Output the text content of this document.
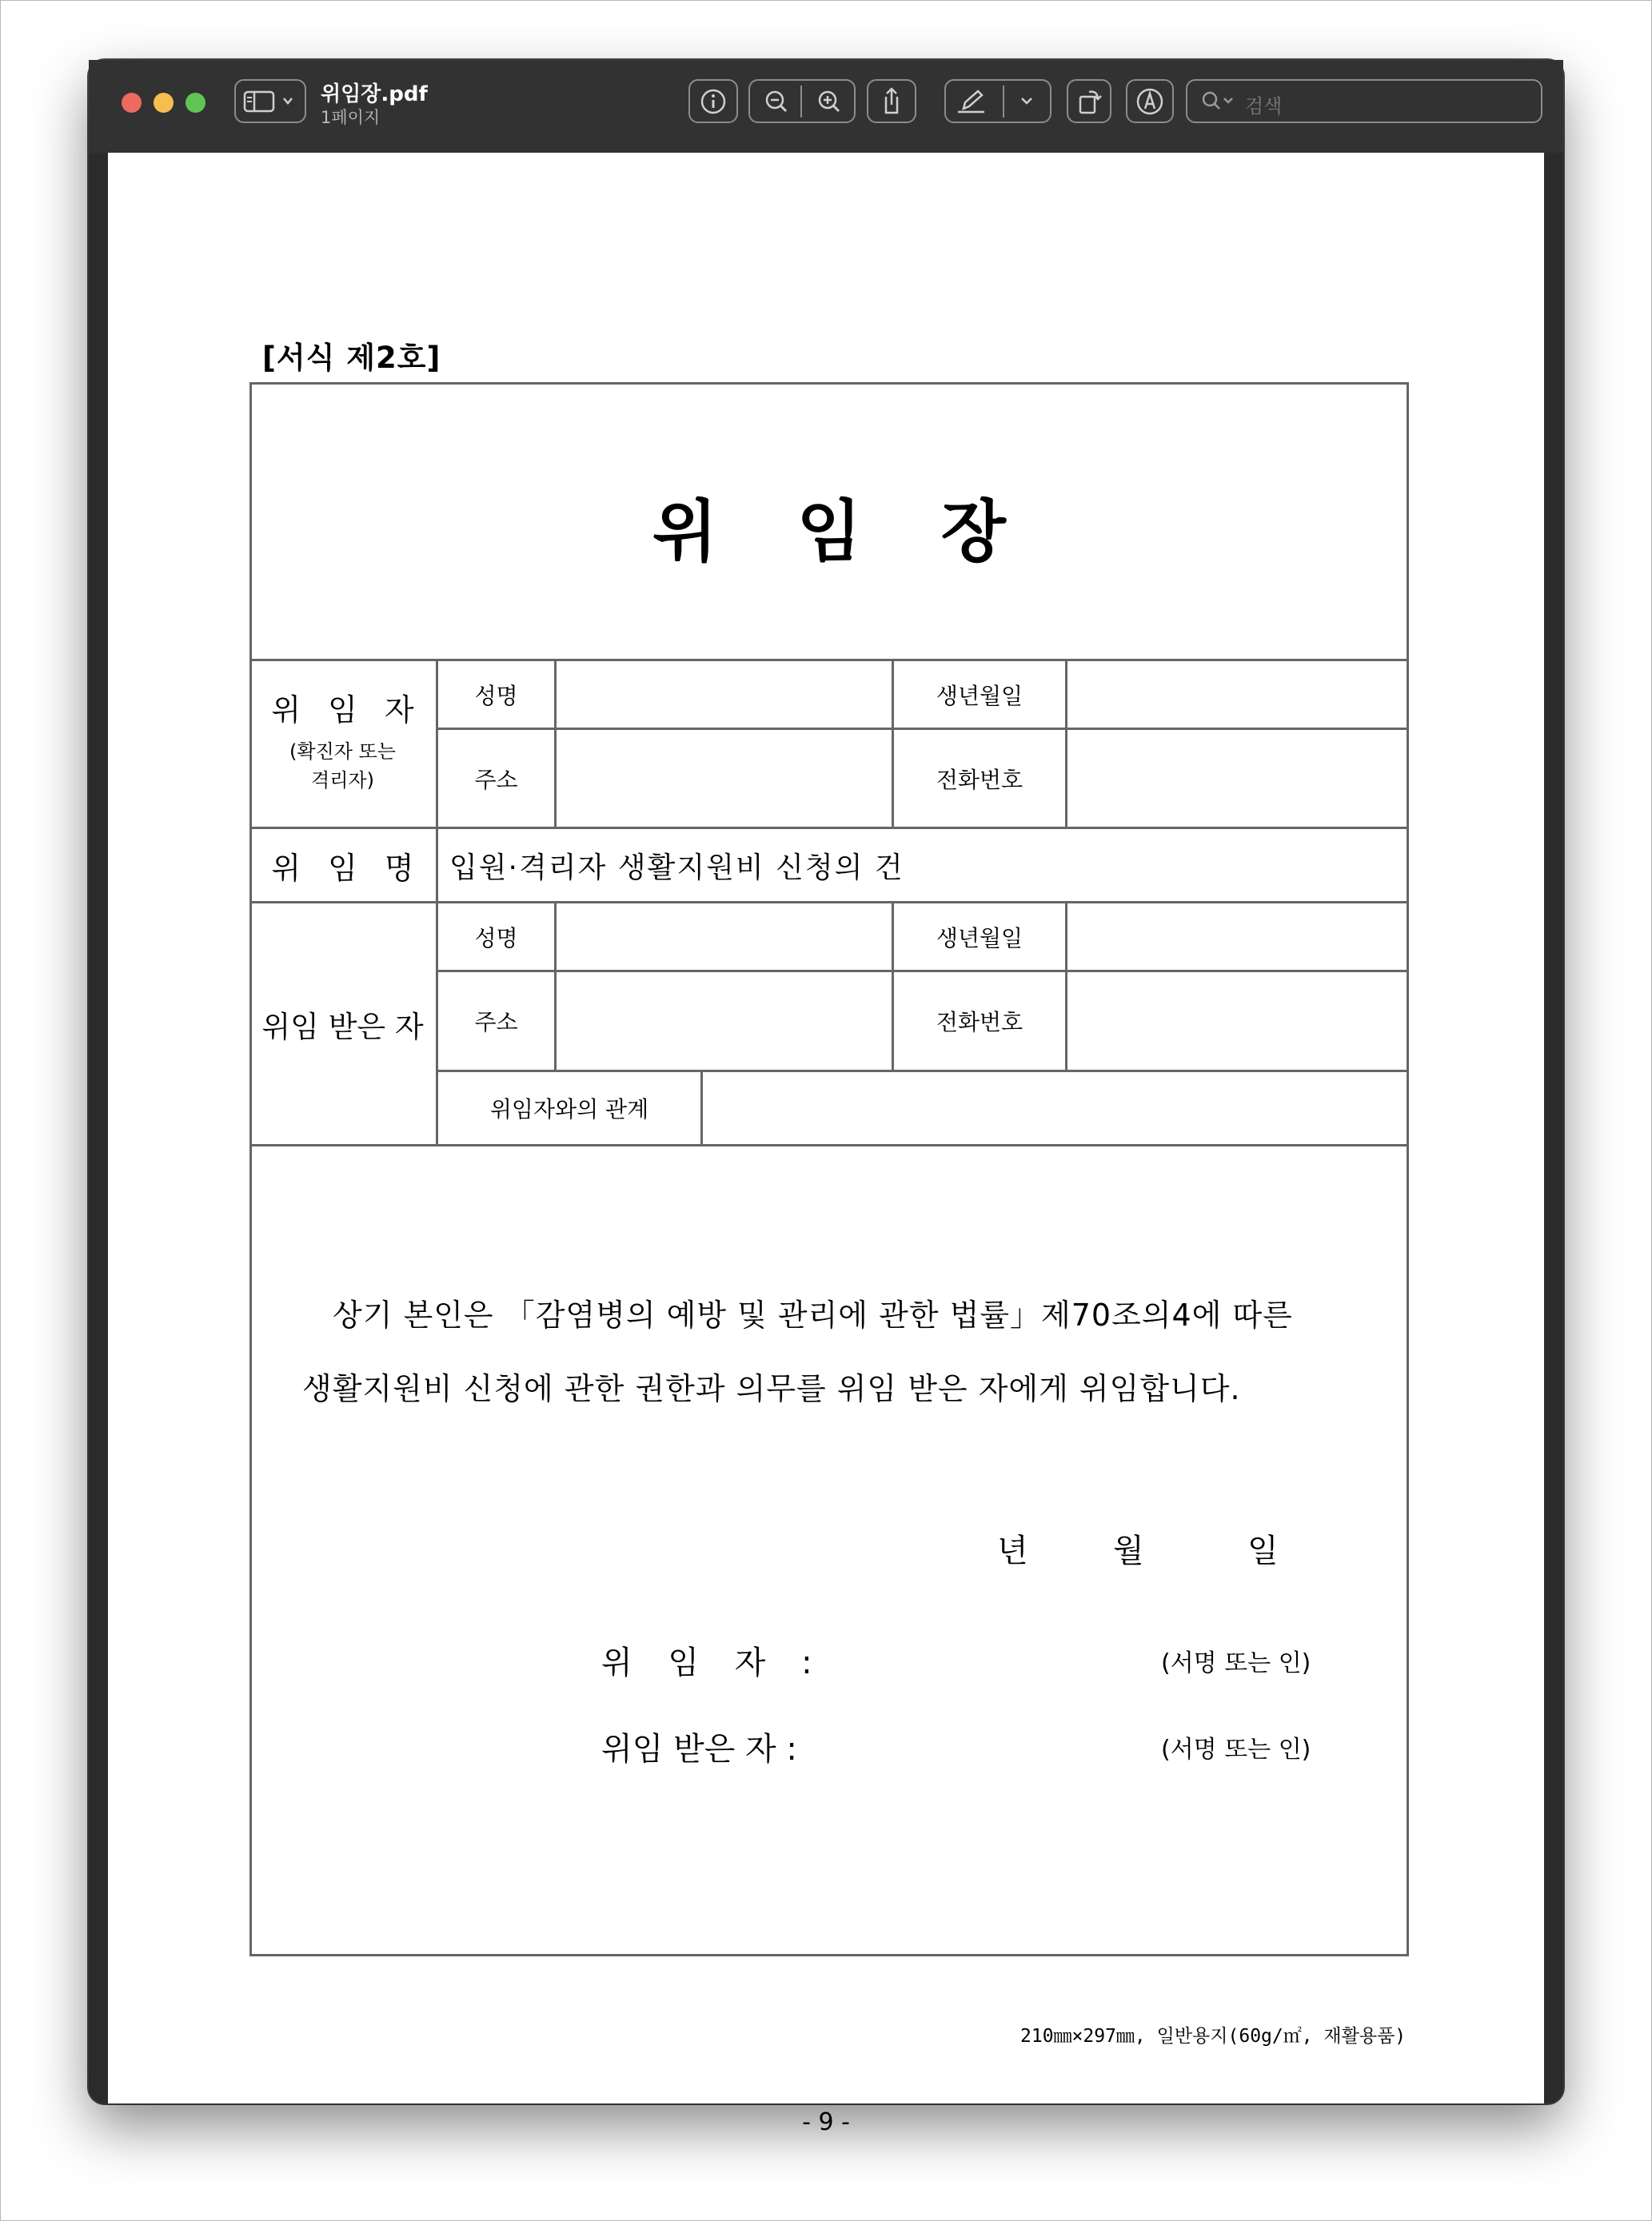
위임장.pdf
1페이지	검색
[서식 제2호]
위 임 장
위 임 자
(확진자 또는
격리자)
성명	생년월일
주소	전화번호
위 임 명	입원·격리자 생활지원비 신청의 건
위임 받은 자
성명	생년월일
주소	전화번호
위임자와의 관계
상기 본인은 「감염병의 예방 및 관리에 관한 법률」제70조의4에 따른
생활지원비 신청에 관한 권한과 의무를 위임 받은 자에게 위임합니다.
년	월	일
위 임 자 :	(서명 또는 인)
위임 받은 자 :	(서명 또는 인)
210㎜×297㎜, 일반용지(60g/㎡, 재활용품)
- 9 -
